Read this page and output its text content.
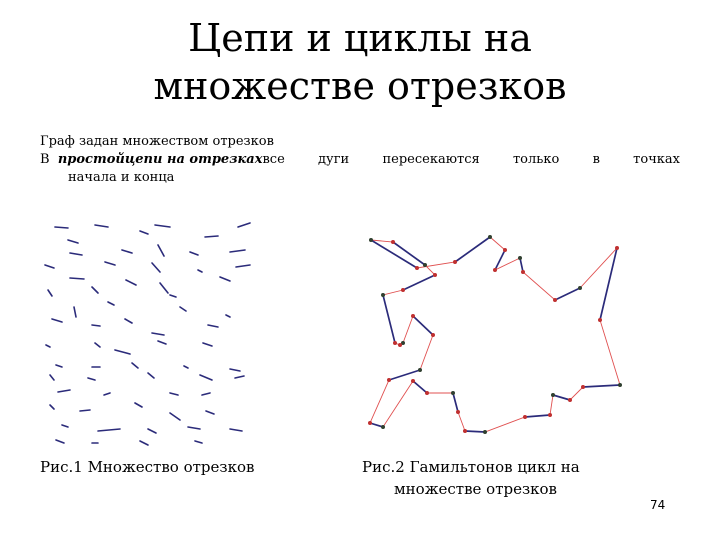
Цепи и циклы на
множестве отрезков
Граф задан множеством отрезков
В простойцепи на отрезкахвсе	дуги	пересекаются	только	в	точках
начала и конца
Рис.1 Множество отрезков	Рис.2 Гамильтонов цикл на
множестве отрезков
74
